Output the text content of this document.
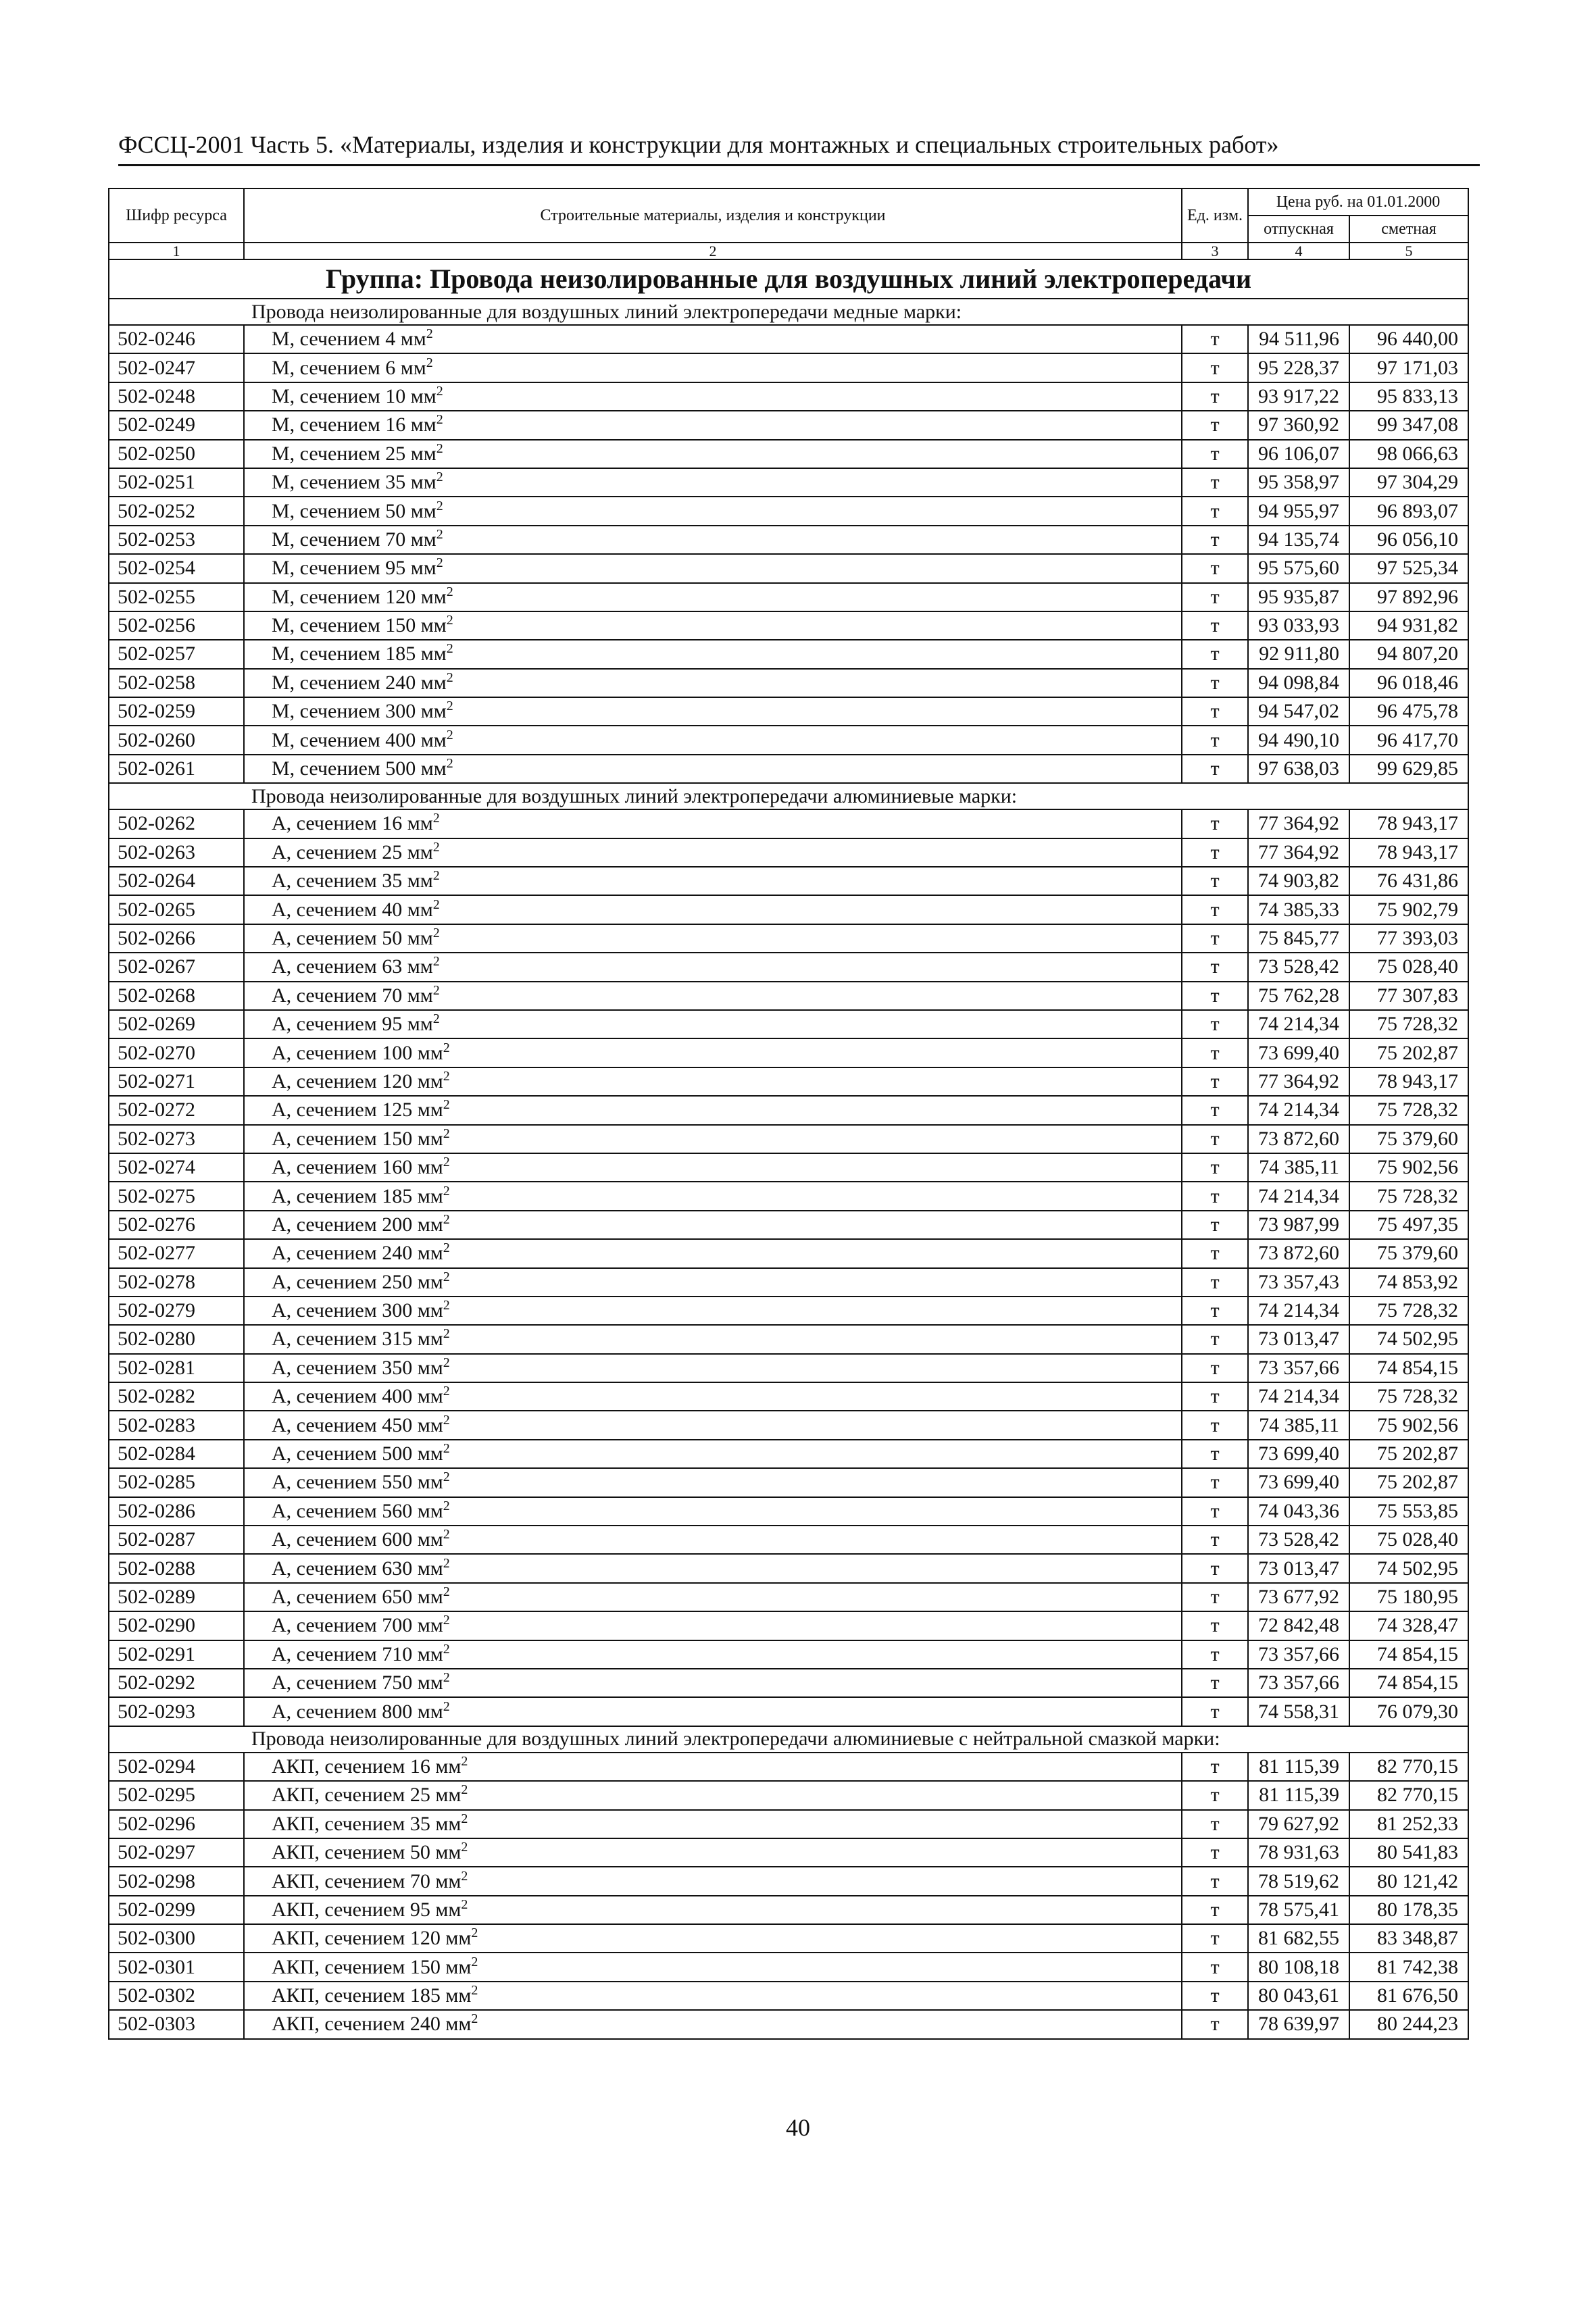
ФССЦ-2001 Часть 5. «Материалы, изделия и конструкции для монтажных и специальных строительных работ»
Шифр ресурса	Строительные материалы, изделия и конструкции	Ед. изм.	Цена руб. на 01.01.2000	
			отпускная	сметная
1	2	3	4	5
Группа: Провода неизолированные для воздушных линий электропередачи				
Провода неизолированные для воздушных линий электропередачи медные марки:				
502-0246	М, сечением 4 $мм^2$	т	94 511,96	96 440,00
502-0247	М, сечением 6 $мм^2$	т	95 228,37	97 171,03
502-0248	М, сечением 10 $мм^2$	т	93 917,22	95 833,13
502-0249	М, сечением 16 $мм^2$	т	97 360,92	99 347,08
502-0250	М, сечением 25 $мм^2$	т	96 106,07	98 066,63
502-0251	М, сечением 35 $мм^2$	т	95 358,97	97 304,29
502-0252	М, сечением 50 $мм^2$	т	94 955,97	96 893,07
502-0253	М, сечением 70 $мм^2$	т	94 135,74	96 056,10
502-0254	М, сечением 95 $мм^2$	т	95 575,60	97 525,34
502-0255	М, сечением 120 $мм^2$	т	95 935,87	97 892,96
502-0256	М, сечением 150 $мм^2$	т	93 033,93	94 931,82
502-0257	М, сечением 185 $мм^2$	т	92 911,80	94 807,20
502-0258	М, сечением 240 $мм^2$	т	94 098,84	96 018,46
502-0259	М, сечением 300 $мм^2$	т	94 547,02	96 475,78
502-0260	М, сечением 400 $мм^2$	т	94 490,10	96 417,70
502-0261	М, сечением 500 $мм^2$	т	97 638,03	99 629,85
Провода неизолированные для воздушных линий электропередачи алюминиевые марки:				
502-0262	А, сечением 16 $мм^2$	т	77 364,92	78 943,17
502-0263	А, сечением 25 $мм^2$	т	77 364,92	78 943,17
502-0264	А, сечением 35 $мм^2$	т	74 903,82	76 431,86
502-0265	А, сечением 40 $мм^2$	т	74 385,33	75 902,79
502-0266	А, сечением 50 $мм^2$	т	75 845,77	77 393,03
502-0267	А, сечением 63 $мм^2$	т	73 528,42	75 028,40
502-0268	А, сечением 70 $мм^2$	т	75 762,28	77 307,83
502-0269	А, сечением 95 $мм^2$	т	74 214,34	75 728,32
502-0270	А, сечением 100 $мм^2$	т	73 699,40	75 202,87
502-0271	А, сечением 120 $мм^2$	т	77 364,92	78 943,17
502-0272	А, сечением 125 $мм^2$	т	74 214,34	75 728,32
502-0273	А, сечением 150 $мм^2$	т	73 872,60	75 379,60
502-0274	А, сечением 160 $мм^2$	т	74 385,11	75 902,56
502-0275	А, сечением 185 $мм^2$	т	74 214,34	75 728,32
502-0276	А, сечением 200 $мм^2$	т	73 987,99	75 497,35
502-0277	А, сечением 240 $мм^2$	т	73 872,60	75 379,60
502-0278	А, сечением 250 $мм^2$	т	73 357,43	74 853,92
502-0279	А, сечением 300 $мм^2$	т	74 214,34	75 728,32
502-0280	А, сечением 315 $мм^2$	т	73 013,47	74 502,95
502-0281	А, сечением 350 $мм^2$	т	73 357,66	74 854,15
502-0282	А, сечением 400 $мм^2$	т	74 214,34	75 728,32
502-0283	А, сечением 450 $мм^2$	т	74 385,11	75 902,56
502-0284	А, сечением 500 $мм^2$	т	73 699,40	75 202,87
502-0285	А, сечением 550 $мм^2$	т	73 699,40	75 202,87
502-0286	А, сечением 560 $мм^2$	т	74 043,36	75 553,85
502-0287	А, сечением 600 $мм^2$	т	73 528,42	75 028,40
502-0288	А, сечением 630 $мм^2$	т	73 013,47	74 502,95
502-0289	А, сечением 650 $мм^2$	т	73 677,92	75 180,95
502-0290	А, сечением 700 $мм^2$	т	72 842,48	74 328,47
502-0291	А, сечением 710 $мм^2$	т	73 357,66	74 854,15
502-0292	А, сечением 750 $мм^2$	т	73 357,66	74 854,15
502-0293	А, сечением 800 $мм^2$	т	74 558,31	76 079,30
Провода неизолированные для воздушных линий электропередачи алюминиевые с нейтральной смазкой марки:				
502-0294	АКП, сечением 16 $мм^2$	т	81 115,39	82 770,15
502-0295	АКП, сечением 25 $мм^2$	т	81 115,39	82 770,15
502-0296	АКП, сечением 35 $мм^2$	т	79 627,92	81 252,33
502-0297	АКП, сечением 50 $мм^2$	т	78 931,63	80 541,83
502-0298	АКП, сечением 70 $мм^2$	т	78 519,62	80 121,42
502-0299	АКП, сечением 95 $мм^2$	т	78 575,41	80 178,35
502-0300	АКП, сечением 120 $мм^2$	т	81 682,55	83 348,87
502-0301	АКП, сечением 150 $мм^2$	т	80 108,18	81 742,38
502-0302	АКП, сечением 185 $мм^2$	т	80 043,61	81 676,50
502-0303	АКП, сечением 240 $мм^2$	т	78 639,97	80 244,23
40
